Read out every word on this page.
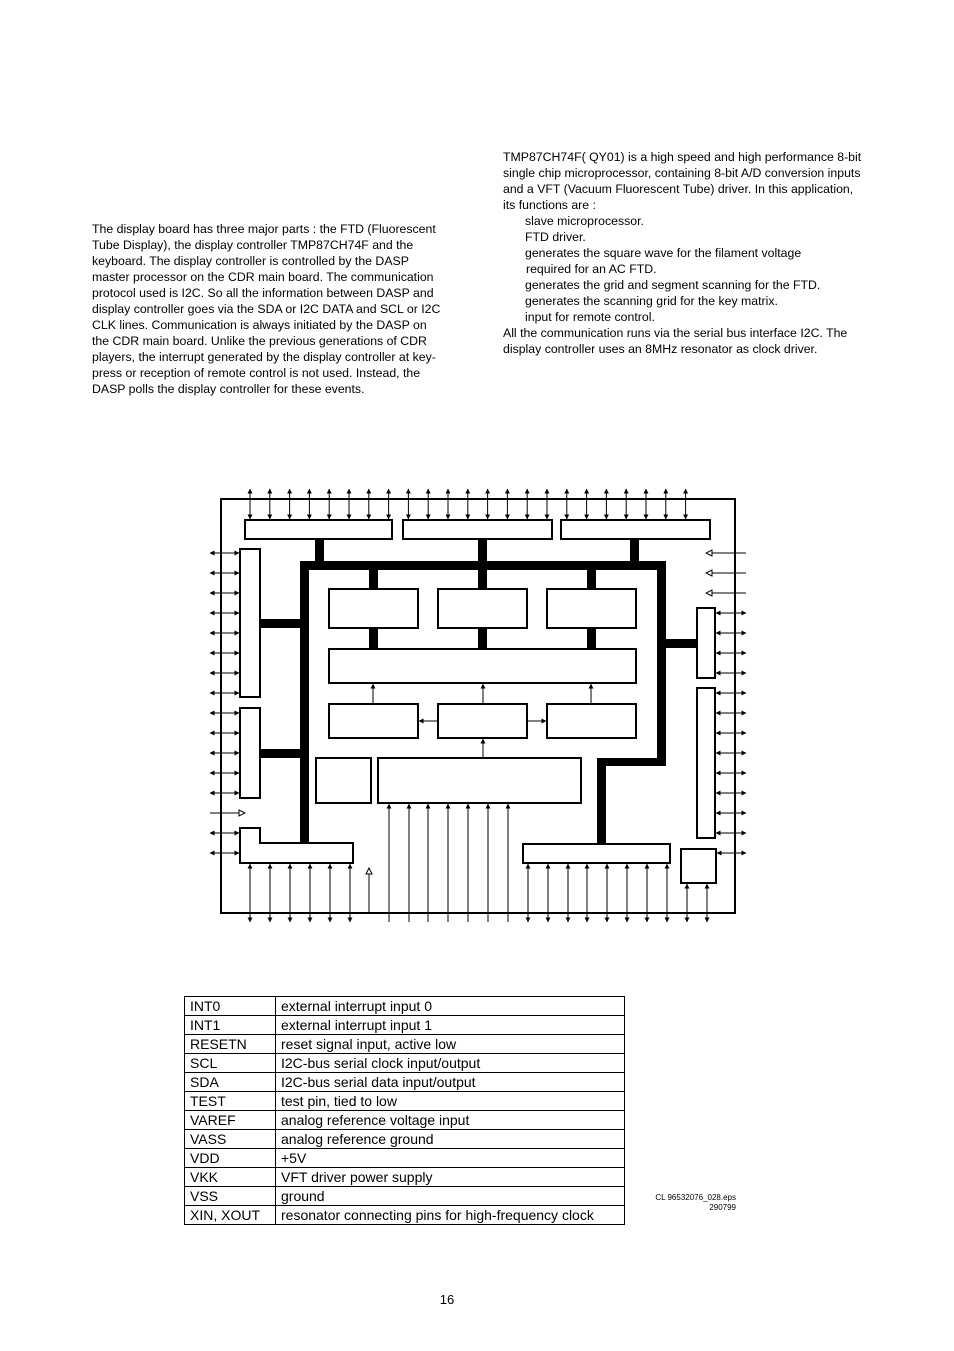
The display board has three major parts : the FTD (Fluorescent Tube Display), the display controller TMP87CH74F and the keyboard. The display controller is controlled by the DASP master processor on the CDR main board. The communication protocol used is I2C. So all the information between DASP and display controller goes via the SDA or I2C DATA and SCL or I2C CLK lines. Communication is always initiated by the DASP on the CDR main board. Unlike the previous generations of CDR players, the interrupt generated by the display controller at key-press or reception of remote control is not used. Instead, the DASP polls the display controller for these events.

TMP87CH74F( QY01) is a high speed and high performance 8-bit single chip microprocessor, containing 8-bit A/D conversion inputs and a VFT (Vacuum Fluorescent Tube) driver. In this application, its functions are :

slave microprocessor.
FTD driver.
generates the square wave for the filament voltage
required for an AC FTD.
generates the grid and segment scanning for the FTD.
generates the scanning grid for the key matrix.
input for remote control.

All the communication runs via the serial bus interface I2C. The display controller uses an 8MHz resonator as clock driver.

INT0	external interrupt input 0
INT1	external interrupt input 1
RESETN	reset signal input, active low
SCL	I2C-bus serial clock input/output
SDA	I2C-bus serial data input/output
TEST	test pin, tied to low
VAREF	analog reference voltage input
VASS	analog reference ground
VDD	+5V
VKK	VFT driver power supply
VSS	ground
XIN, XOUT	resonator connecting pins for high-frequency clock
CL 96532076_028.eps
290799
16
